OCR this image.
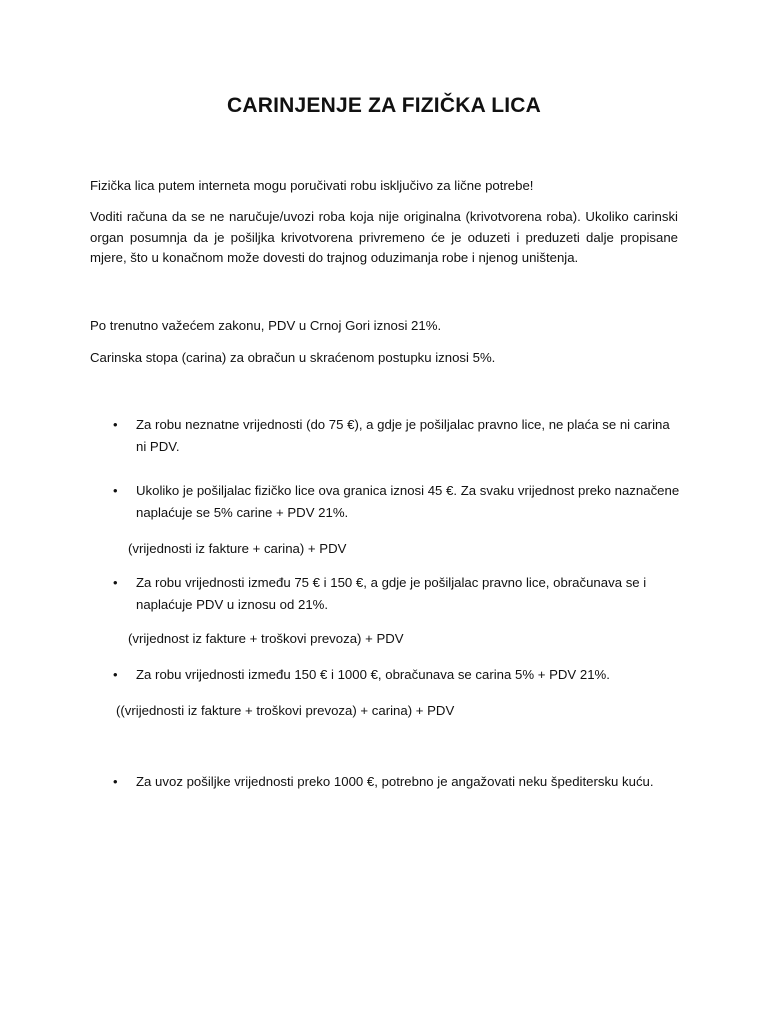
CARINJENJE ZA FIZIČKA LICA
Fizička lica putem interneta mogu poručivati robu isključivo za lične potrebe!
Voditi računa da se ne naručuje/uvozi roba koja nije originalna (krivotvorena roba). Ukoliko carinski organ posumnja da je pošiljka krivotvorena privremeno će je oduzeti i preduzeti dalje propisane mjere, što u konačnom može dovesti do trajnog oduzimanja robe i njenog uništenja.
Po trenutno važećem zakonu, PDV u Crnoj Gori iznosi 21%.
Carinska stopa (carina) za obračun u skraćenom postupku iznosi 5%.
•	Za robu neznatne vrijednosti (do 75 €), a gdje je pošiljalac pravno lice, ne plaća se ni carina ni PDV.
•	Ukoliko je pošiljalac fizičko lice ova granica iznosi 45 €. Za svaku vrijednost preko naznačene naplaćuje se 5% carine + PDV 21%.
(vrijednosti iz fakture + carina) + PDV
•	Za robu vrijednosti između 75 € i 150 €, a gdje je pošiljalac pravno lice, obračunava se i naplaćuje PDV u iznosu od 21%.
(vrijednost iz fakture + troškovi prevoza) + PDV
•	Za robu vrijednosti između 150 € i 1000 €, obračunava se carina 5% + PDV 21%.
((vrijednosti iz fakture + troškovi prevoza) + carina) + PDV
•	Za uvoz pošiljke vrijednosti preko 1000 €, potrebno je angažovati neku špeditersku kuću.
